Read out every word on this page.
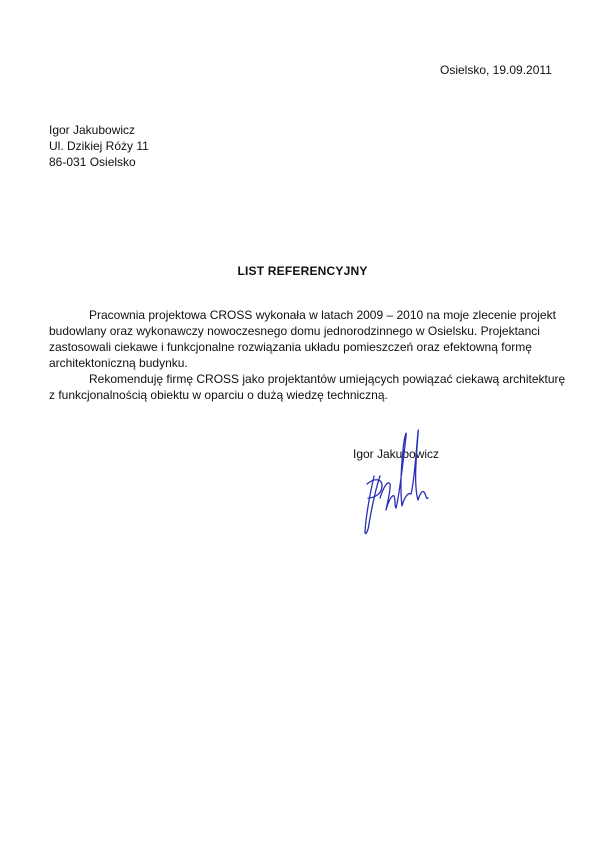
Osielsko, 19.09.2011
Igor Jakubowicz
Ul. Dzikiej Róży 11
86-031 Osielsko
LIST REFERENCYJNY

Pracownia projektowa CROSS wykonała w latach 2009 – 2010 na moje zlecenie projekt budowlany oraz wykonawczy nowoczesnego domu jednorodzinnego w Osielsku. Projektanci zastosowali ciekawe i funkcjonalne rozwiązania układu pomieszczeń oraz efektowną formę architektoniczną budynku.

Rekomenduję firmę CROSS jako projektantów umiejących powiązać ciekawą architekturę z funkcjonalnością obiektu w oparciu o dużą wiedzę techniczną.

Igor Jakubowicz
